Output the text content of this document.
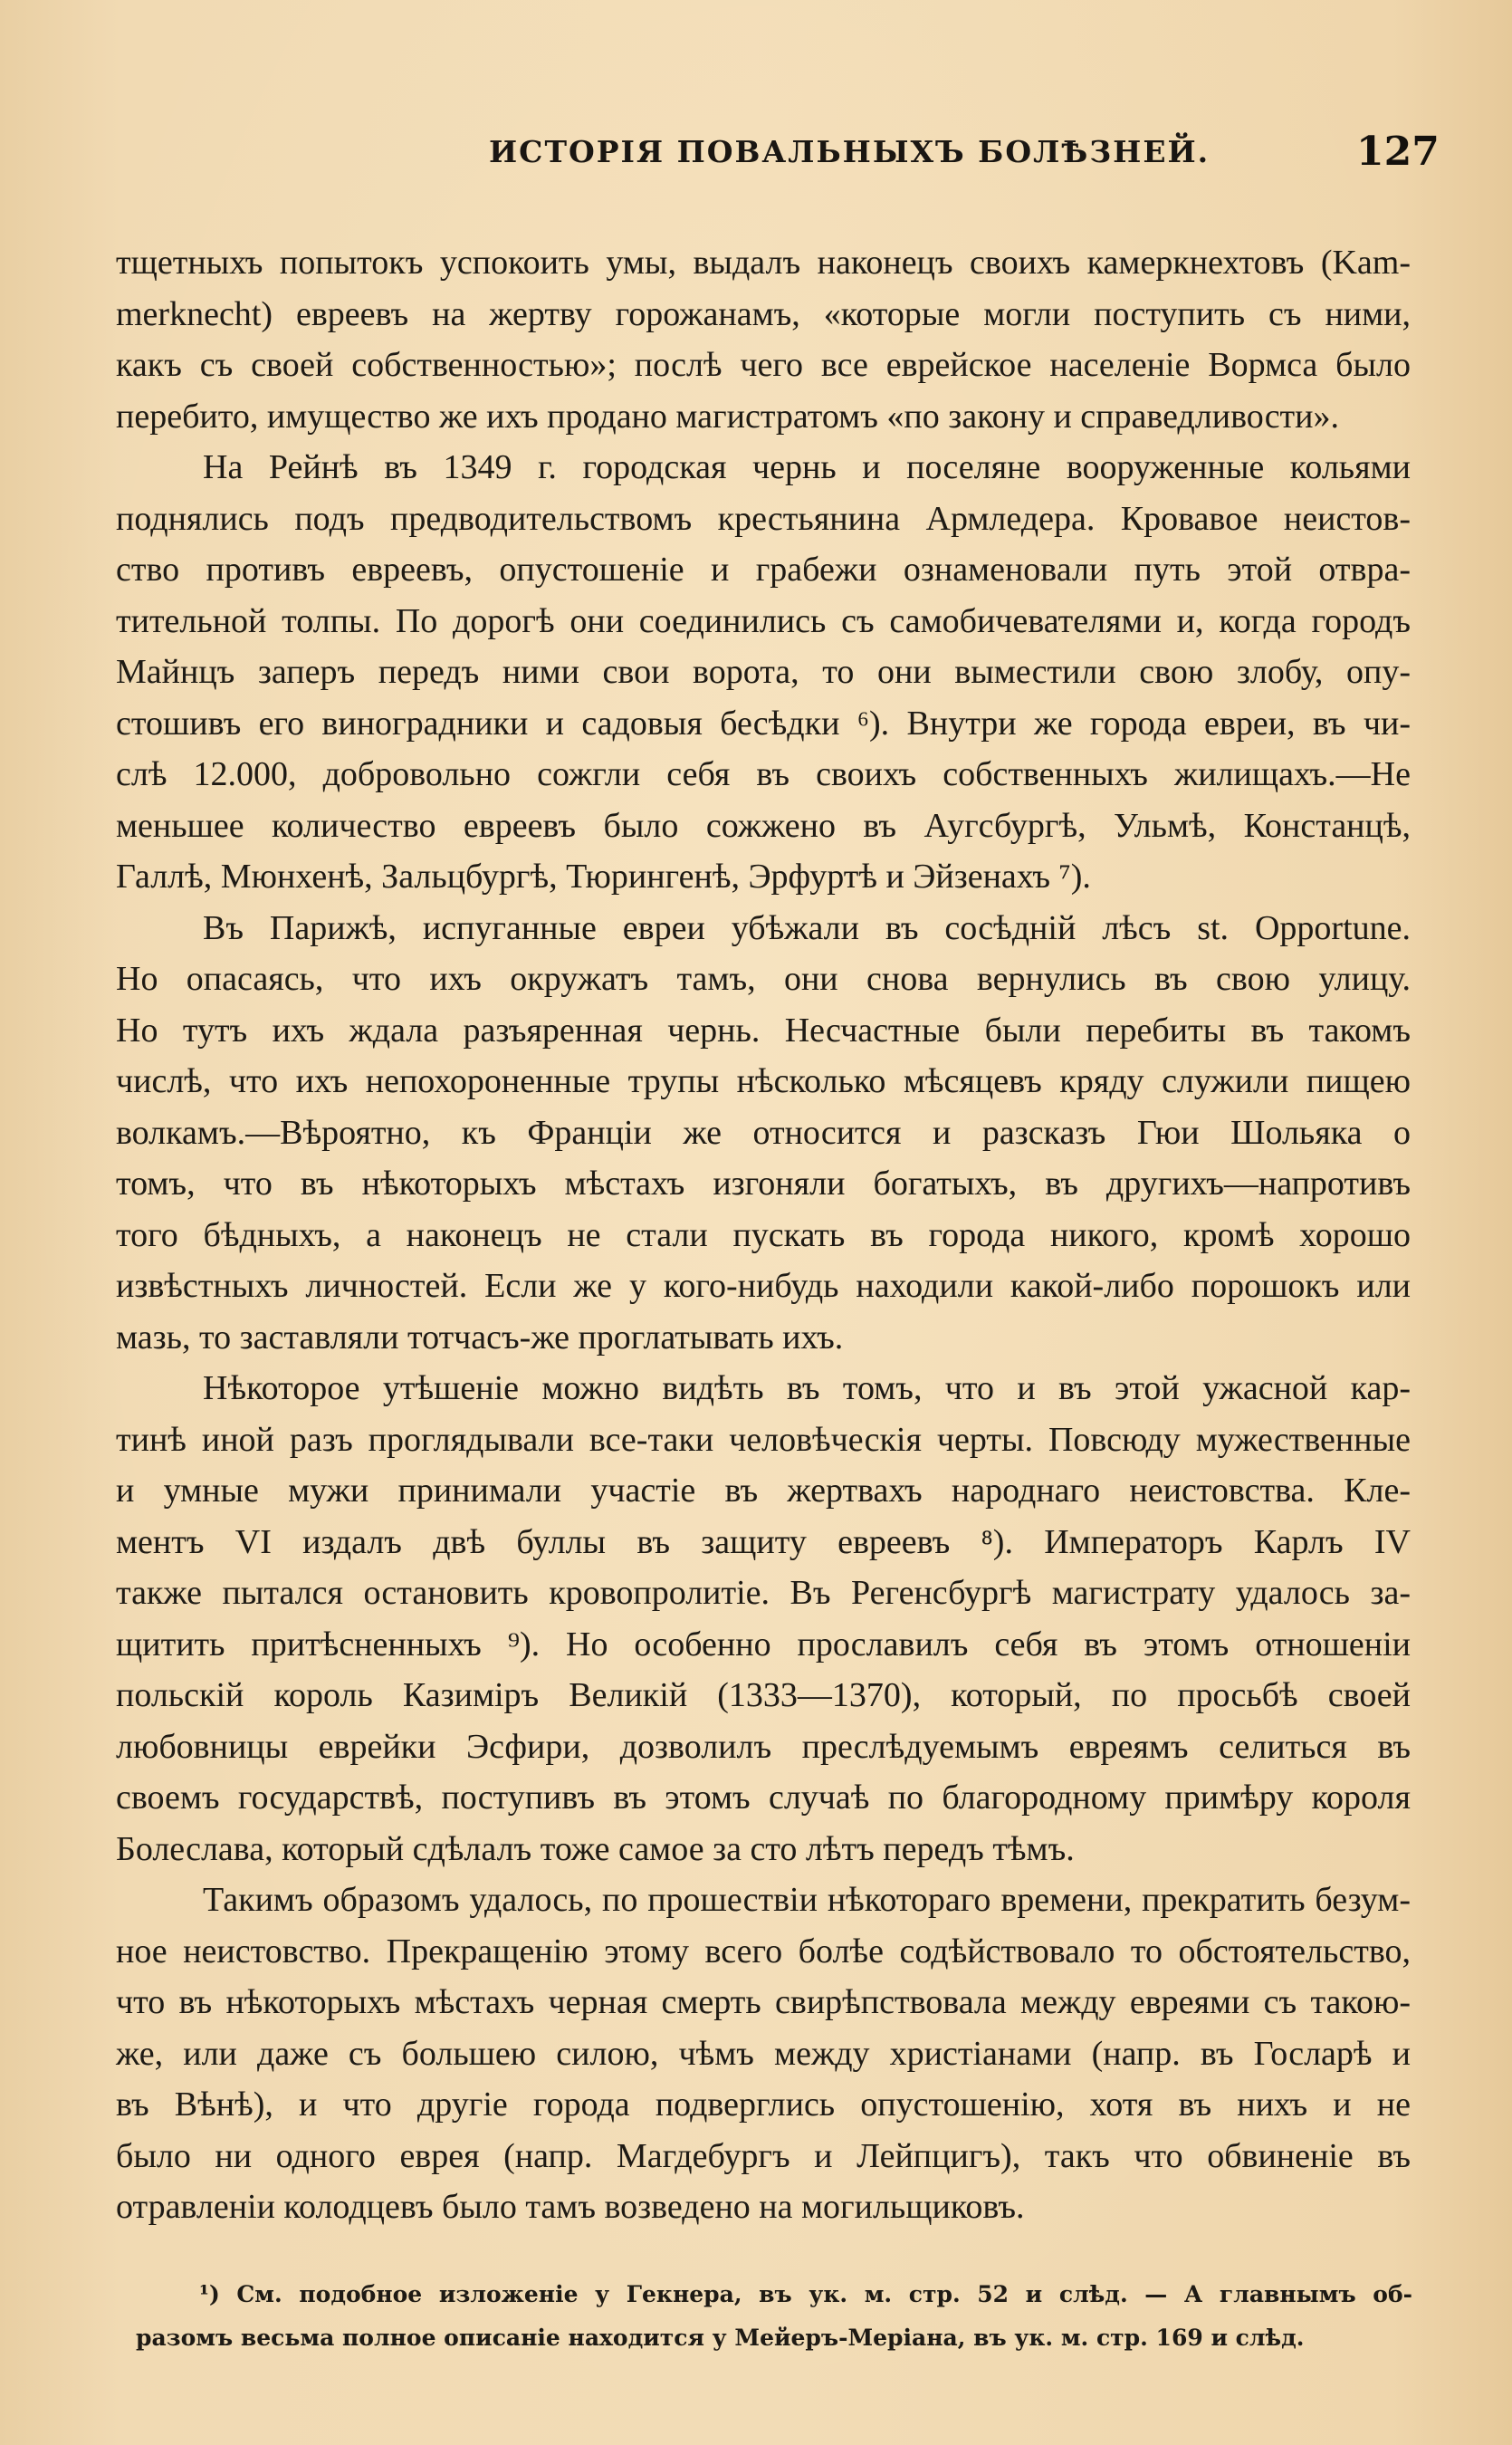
ИСТОРІЯ ПОВАЛЬНЫХЪ БОЛѢЗНЕЙ.	127
тщетныхъ попытокъ успокоить умы, выдалъ наконецъ своихъ камеркнехтовъ (Kam-
merknecht) евреевъ на жертву горожанамъ, «которые могли поступить съ ними,
какъ съ своей собственностью»; послѣ чего все еврейское населеніе Вормса было
перебито, имущество же ихъ продано магистратомъ «по закону и справедливости».
На Рейнѣ въ 1349 г. городская чернь и поселяне вооруженные кольями
поднялись подъ предводительствомъ крестьянина Армледера. Кровавое неистов-
ство противъ евреевъ, опустошеніе и грабежи ознаменовали путь этой отвра-
тительной толпы. По дорогѣ они соединились съ самобичевателями и, когда городъ
Майнцъ заперъ передъ ними свои ворота, то они выместили свою злобу, опу-
стошивъ его виноградники и садовыя бесѣдки ⁶). Внутри же города евреи, въ чи-
слѣ 12.000, добровольно сожгли себя въ своихъ собственныхъ жилищахъ.—Не
меньшее количество евреевъ было сожжено въ Аугсбургѣ, Ульмѣ, Констанцѣ,
Галлѣ, Мюнхенѣ, Зальцбургѣ, Тюрингенѣ, Эрфуртѣ и Эйзенахъ ⁷).
Въ Парижѣ, испуганные евреи убѣжали въ сосѣдній лѣсъ st. Opportune.
Но опасаясь, что ихъ окружатъ тамъ, они снова вернулись въ свою улицу.
Но тутъ ихъ ждала разъяренная чернь. Несчастные были перебиты въ такомъ
числѣ, что ихъ непохороненные трупы нѣсколько мѣсяцевъ кряду служили пищею
волкамъ.—Вѣроятно, къ Франціи же относится и разсказъ Гюи Шольяка о
томъ, что въ нѣкоторыхъ мѣстахъ изгоняли богатыхъ, въ другихъ—напротивъ
того бѣдныхъ, а наконецъ не стали пускать въ города никого, кромѣ хорошо
извѣстныхъ личностей. Если же у кого-нибудь находили какой-либо порошокъ или
мазь, то заставляли тотчасъ-же проглатывать ихъ.
Нѣкоторое утѣшеніе можно видѣть въ томъ, что и въ этой ужасной кар-
тинѣ иной разъ проглядывали все-таки человѣческія черты. Повсюду мужественные
и умные мужи принимали участіе въ жертвахъ народнаго неистовства. Кле-
ментъ VI издалъ двѣ буллы въ защиту евреевъ ⁸). Императоръ Карлъ IV
также пытался остановить кровопролитіе. Въ Регенсбургѣ магистрату удалось за-
щитить притѣсненныхъ ⁹). Но особенно прославилъ себя въ этомъ отношеніи
польскій король Казиміръ Великій (1333—1370), который, по просьбѣ своей
любовницы еврейки Эсфири, дозволилъ преслѣдуемымъ евреямъ селиться въ
своемъ государствѣ, поступивъ въ этомъ случаѣ по благородному примѣру короля
Болеслава, который сдѣлалъ тоже самое за сто лѣтъ передъ тѣмъ.
Такимъ образомъ удалось, по прошествіи нѣкотораго времени, прекратить безум-
ное неистовство. Прекращенію этому всего болѣе содѣйствовало то обстоятельство,
что въ нѣкоторыхъ мѣстахъ черная смерть свирѣпствовала между евреями съ такою-
же, или даже съ большею силою, чѣмъ между христіанами (напр. въ Госларѣ и
въ Вѣнѣ), и что другіе города подверглись опустошенію, хотя въ нихъ и не
было ни одного еврея (напр. Магдебургъ и Лейпцигъ), такъ что обвиненіе въ
отравленіи колодцевъ было тамъ возведено на могильщиковъ.
¹) См. подобное изложеніе у Гекнера, въ ук. м. стр. 52 и слѣд. — А главнымъ об-
разомъ весьма полное описаніе находится у Мейеръ-Меріана, въ ук. м. стр. 169 и слѣд.
